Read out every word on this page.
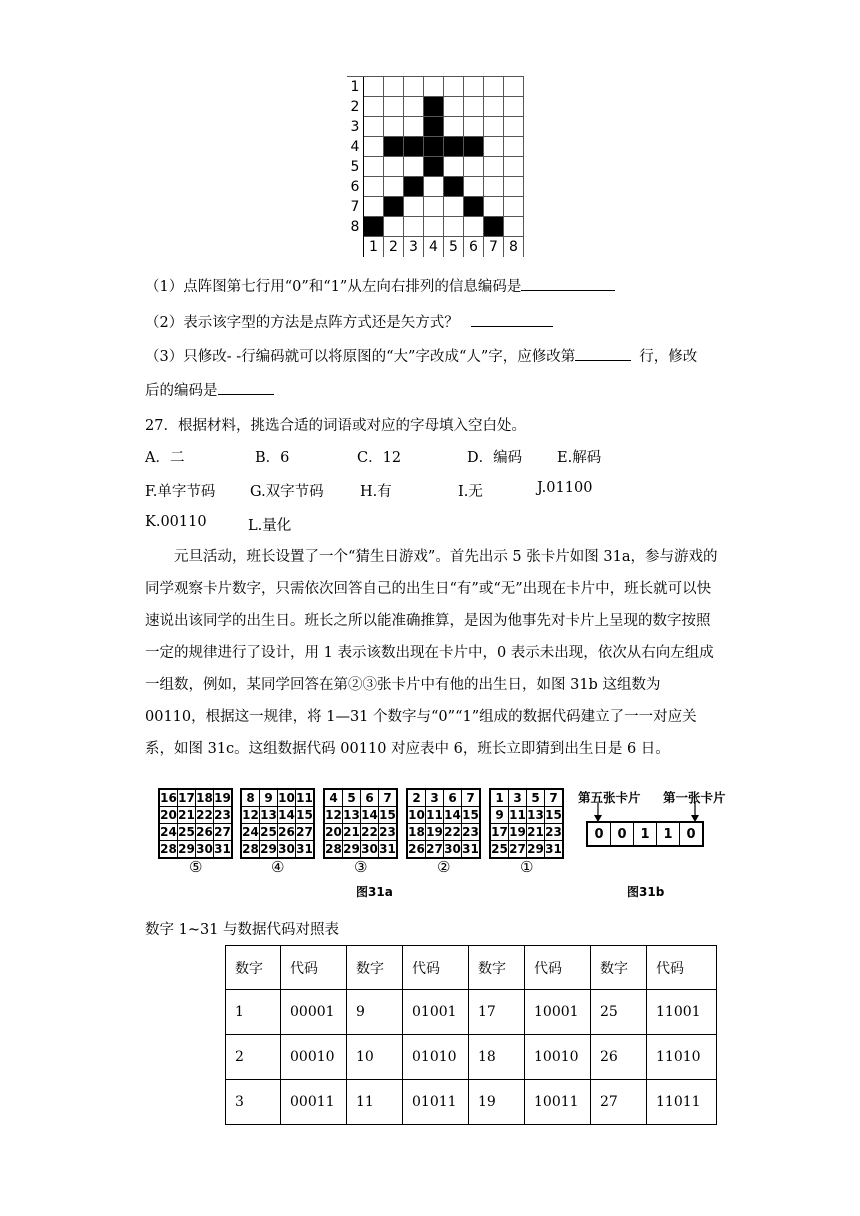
1
2
3
4
5
6
7
8
1 2 3 4 5 6 7 8
（1）点阵图第七行用“0”和“1”从左向右排列的信息编码是
（2）表示该字型的方法是点阵方式还是矢方式？
（3）只修改- -行编码就可以将原图的“大”字改成“人”字，应修改第	行，修改
后的编码是
27．根据材料，挑选合适的词语或对应的字母填入空白处。
A．二	B．6	C．12	D．编码 E.解码
F.单字节码 G.双字节码	H.有	I.无	J.01100
K.00110	L.量化
元旦活动，班长设置了一个“猜生日游戏”。首先出示 5 张卡片如图 31a，参与游戏的同学观察卡片数字，只需依次回答自己的出生日“有”或“无”出现在卡片中，班长就可以快速说出该同学的出生日。班长之所以能准确推算，是因为他事先对卡片上呈现的数字按照一定的规律进行了设计，用 1 表示该数出现在卡片中，0 表示未出现，依次从右向左组成一组数，例如，某同学回答在第②③张卡片中有他的出生日，如图 31b 这组数为 00110，根据这一规律，将 1—31 个数字与“0”“1”组成的数据代码建立了一一对应关系，如图 31c。这组数据代码 00110 对应表中 6，班长立即猜到出生日是 6 日。
16	17	18	19
20	21	22	23
24	25	26	27
28	29	30	31
⑤
8	9	10	11
12	13	14	15
24	25	26	27
28	29	30	31
④
4	5	6	7
12	13	14	15
20	21	22	23
28	29	30	31
③
2	3	6	7
10	11	14	15
18	19	22	23
26	27	30	31
②
1	3	5	7
9	11	13	15
17	19	21	23
25	27	29	31
①
图31a
第五张卡片 第一张卡片
0	0	1	1	0
图31b
数字 1~31 与数据代码对照表
数字	代码	数字	代码	数字	代码	数字	代码
1	00001	9	01001	17	10001	25	11001
2	00010	10	01010	18	10010	26	11010
3	00011	11	01011	19	10011	27	11011
